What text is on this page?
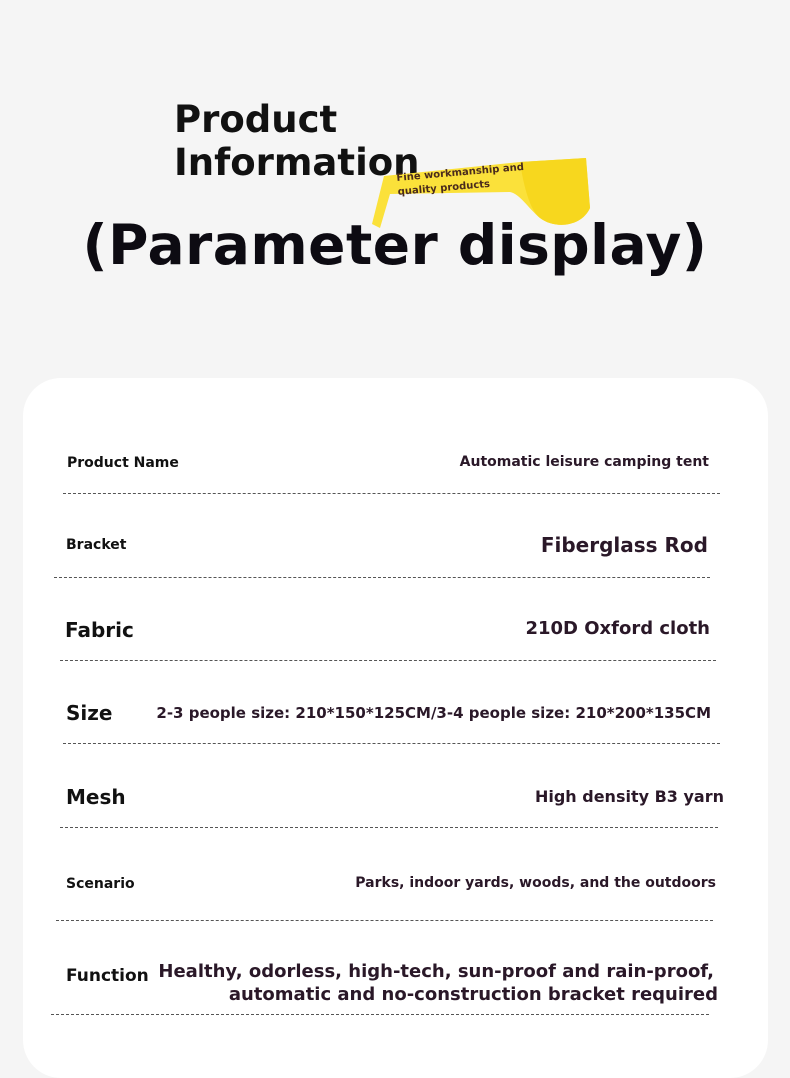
Product
Information
Fine workmanship and quality products
(Parameter display)
Product Name	Automatic leisure camping tent
Bracket	Fiberglass Rod
Fabric	210D Oxford cloth
Size	2-3 people size: 210*150*125CM/3-4 people size: 210*200*135CM
Mesh	High density B3 yarn
Scenario	Parks, indoor yards, woods, and the outdoors
Function Healthy, odorless, high-tech, sun-proof and rain-proof,
automatic and no-construction bracket required
